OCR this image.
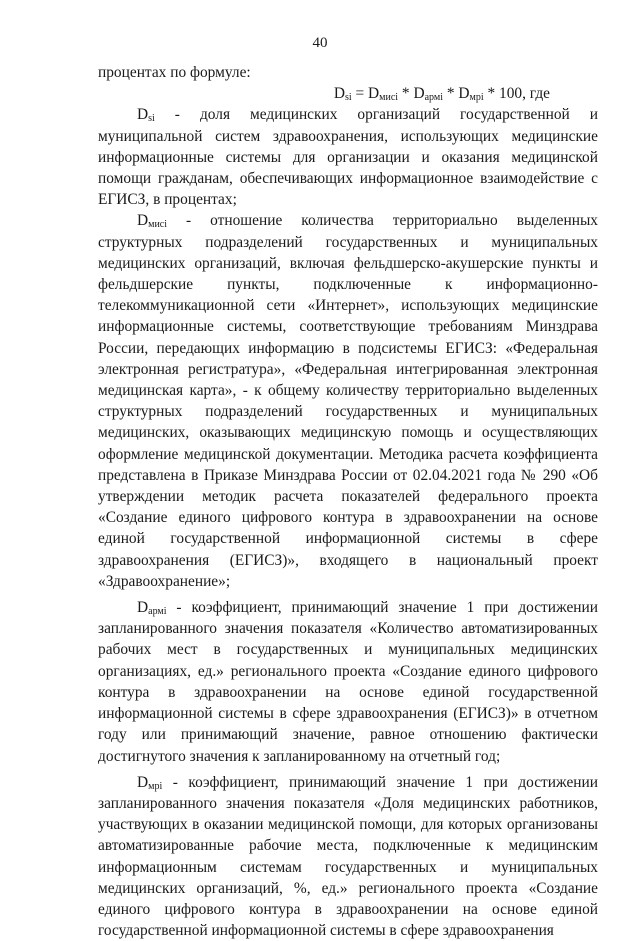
40

процентах по формуле:

$D_{si} = D_{мисi} * D_{армi} * D_{мрi} * 100$, где

$D_{si}$ - доля медицинских организаций государственной и муниципальной систем здравоохранения, использующих медицинские информационные системы для организации и оказания медицинской помощи гражданам, обеспечивающих информационное взаимодействие с ЕГИСЗ, в процентах;

$D_{мисi}$ - отношение количества территориально выделенных структурных подразделений государственных и муниципальных медицинских организаций, включая фельдшерско-акушерские пункты и фельдшерские пункты, подключенные к информационно-телекоммуникационной сети «Интернет», использующих медицинские информационные системы, соответствующие требованиям Минздрава России, передающих информацию в подсистемы ЕГИСЗ: «Федеральная электронная регистратура», «Федеральная интегрированная электронная медицинская карта», - к общему количеству территориально выделенных структурных подразделений государственных и муниципальных медицинских, оказывающих медицинскую помощь и осуществляющих оформление медицинской документации. Методика расчета коэффициента представлена в Приказе Минздрава России от 02.04.2021 года № 290 «Об утверждении методик расчета показателей федерального проекта «Создание единого цифрового контура в здравоохранении на основе единой государственной информационной системы в сфере здравоохранения (ЕГИСЗ)», входящего в национальный проект «Здравоохранение»;

$D_{армi}$ - коэффициент, принимающий значение 1 при достижении запланированного значения показателя «Количество автоматизированных рабочих мест в государственных и муниципальных медицинских организациях, ед.» регионального проекта «Создание единого цифрового контура в здравоохранении на основе единой государственной информационной системы в сфере здравоохранения (ЕГИСЗ)» в отчетном году или принимающий значение, равное отношению фактически достигнутого значения к запланированному на отчетный год;

$D_{мрi}$ - коэффициент, принимающий значение 1 при достижении запланированного значения показателя «Доля медицинских работников, участвующих в оказании медицинской помощи, для которых организованы автоматизированные рабочие места, подключенные к медицинским информационным системам государственных и муниципальных медицинских организаций, %, ед.» регионального проекта «Создание единого цифрового контура в здравоохранении на основе единой государственной информационной системы в сфере здравоохранения
